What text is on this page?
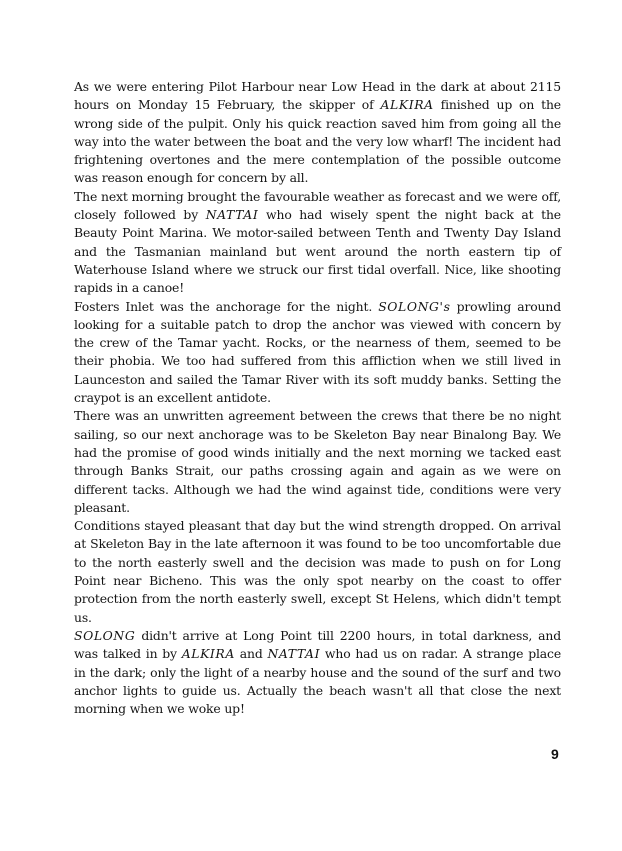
As we were entering Pilot Harbour near Low Head in the dark at about 2115 hours on Monday 15 February, the skipper of ALKIRA finished up on the wrong side of the pulpit. Only his quick reaction saved him from going all the way into the water between the boat and the very low wharf! The incident had frightening overtones and the mere contemplation of the possible outcome was reason enough for concern by all.

The next morning brought the favourable weather as forecast and we were off, closely followed by NATTAI who had wisely spent the night back at the Beauty Point Marina. We motor-sailed between Tenth and Twenty Day Island and the Tasmanian mainland but went around the north eastern tip of Waterhouse Island where we struck our first tidal overfall. Nice, like shooting rapids in a canoe!

Fosters Inlet was the anchorage for the night. SOLONG's prowling around looking for a suitable patch to drop the anchor was viewed with concern by the crew of the Tamar yacht. Rocks, or the nearness of them, seemed to be their phobia. We too had suffered from this affliction when we still lived in Launceston and sailed the Tamar River with its soft muddy banks. Setting the craypot is an excellent antidote.

There was an unwritten agreement between the crews that there be no night sailing, so our next anchorage was to be Skeleton Bay near Binalong Bay. We had the promise of good winds initially and the next morning we tacked east through Banks Strait, our paths crossing again and again as we were on different tacks. Although we had the wind against tide, conditions were very pleasant.

Conditions stayed pleasant that day but the wind strength dropped. On arrival at Skeleton Bay in the late afternoon it was found to be too uncomfortable due to the north easterly swell and the decision was made to push on for Long Point near Bicheno. This was the only spot nearby on the coast to offer protection from the north easterly swell, except St Helens, which didn't tempt us.

SOLONG didn't arrive at Long Point till 2200 hours, in total darkness, and was talked in by ALKIRA and NATTAI who had us on radar. A strange place in the dark; only the light of a nearby house and the sound of the surf and two anchor lights to guide us. Actually the beach wasn't all that close the next morning when we woke up!

9
